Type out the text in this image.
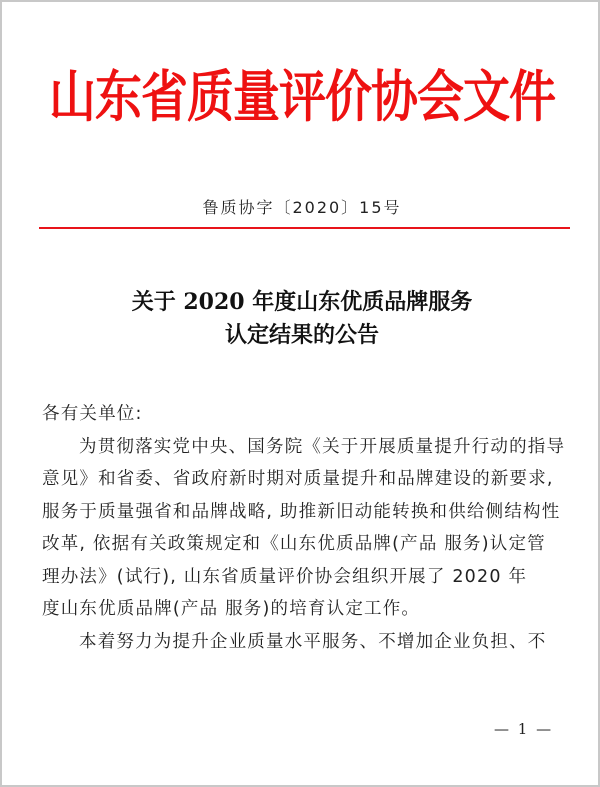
山东省质量评价协会文件
鲁质协字〔2020〕15号
关于 2020 年度山东优质品牌服务
认定结果的公告
各有关单位:
为贯彻落实党中央、国务院《关于开展质量提升行动的指导
意见》和省委、省政府新时期对质量提升和品牌建设的新要求,
服务于质量强省和品牌战略, 助推新旧动能转换和供给侧结构性
改革, 依据有关政策规定和《山东优质品牌(产品 服务)认定管
理办法》(试行), 山东省质量评价协会组织开展了 2020 年
度山东优质品牌(产品 服务)的培育认定工作。
本着努力为提升企业质量水平服务、不增加企业负担、不
— 1 —
